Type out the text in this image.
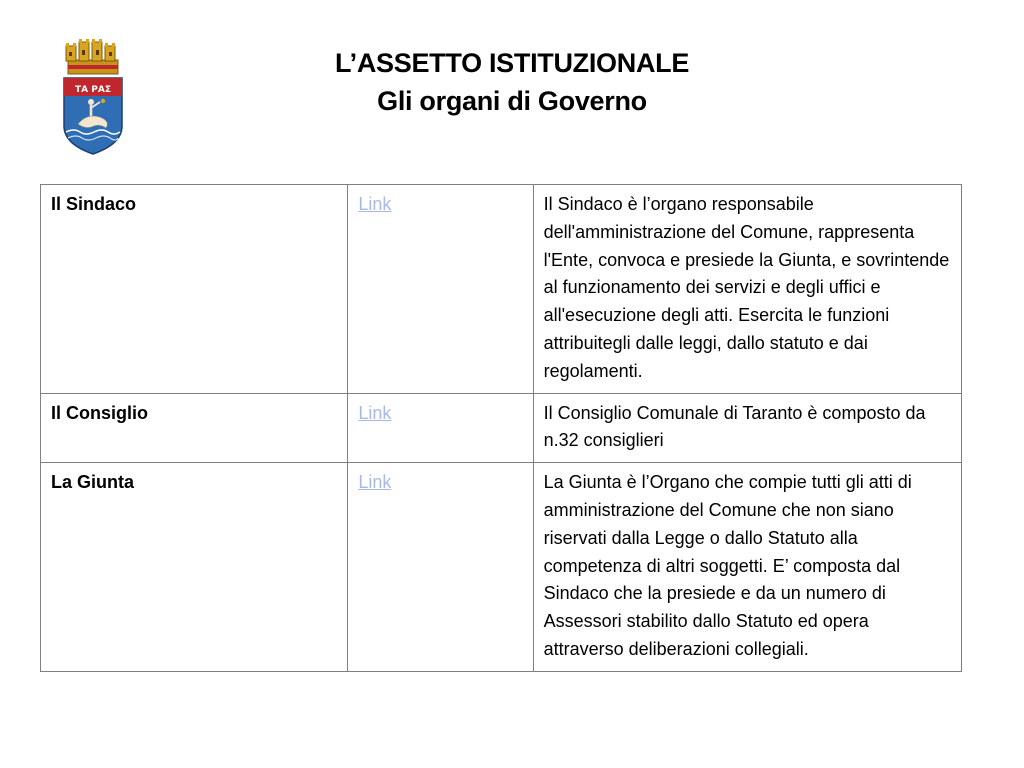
ΤΑ ΡΑΣ
L’ASSETTO ISTITUZIONALE
Gli organi di Governo
Il Sindaco	Link	Il Sindaco è l’organo responsabile dell'amministrazione del Comune, rappresenta l'Ente, convoca e presiede la Giunta, e sovrintende al funzionamento dei servizi e degli uffici e all'esecuzione degli atti. Esercita le funzioni attribuitegli dalle leggi, dallo statuto e dai regolamenti.
Il Consiglio	Link	Il Consiglio Comunale di Taranto è composto da n.32 consiglieri
La Giunta	Link	La Giunta è l’Organo che compie tutti gli atti di amministrazione del Comune che non siano riservati dalla Legge o dallo Statuto alla competenza di altri soggetti. E’ composta dal Sindaco che la presiede e da un numero di Assessori stabilito dallo Statuto ed opera attraverso deliberazioni collegiali.
